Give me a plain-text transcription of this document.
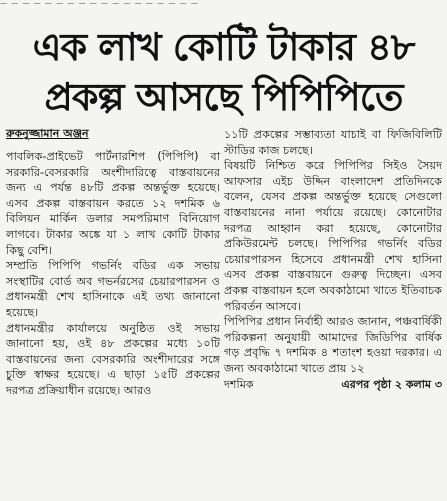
— — — — — — — — — — — — — — — — — —
এক লাখ কোটি টাকার ৪৮
প্রকল্প আসছে পিপিপিতে
রুকনুজ্জামান অঞ্জন

পাবলিক-প্রাইভেট পার্টনারশিপ (পিপিপি) বা সরকারি-বেসরকারি অংশীদারিত্বে বাস্তবায়নের জন্য এ পর্যন্ত ৪৮টি প্রকল্প অন্তর্ভুক্ত হয়েছে। এসব প্রকল্প বাস্তবায়ন করতে ১২ দশমিক ৬ বিলিয়ন মার্কিন ডলার সমপরিমাণ বিনিয়োগ লাগবে। টাকার অঙ্কে যা ১ লাখ কোটি টাকার কিছু বেশি।

সম্প্রতি পিপিপি গভর্নিং বডির এক সভায় সংস্থাটির বোর্ড অব গভর্নরসের চেয়ারপারসন ও প্রধানমন্ত্রী শেখ হাসিনাকে এই তথ্য জানানো হয়েছে।

প্রধানমন্ত্রীর কার্যালয়ে অনুষ্ঠিত ওই সভায় জানানো হয়, ওই ৪৮ প্রকল্পের মধ্যে ১০টি বাস্তবায়নের জন্য বেসরকারি অংশীদারের সঙ্গে চুক্তি স্বাক্ষর হয়েছে। এ ছাড়া ১৫টি প্রকল্পের দরপত্র প্রক্রিয়াধীন রয়েছে। আরও

১১টি প্রকল্পের সম্ভাব্যতা যাচাই বা ফিজিবিলিটি স্টাডির কাজ চলছে।

বিষয়টি নিশ্চিত করে পিপিপির সিইও সৈয়দ আফসার এইচ উদ্দিন বাংলাদেশ প্রতিদিনকে বলেন, যেসব প্রকল্প অন্তর্ভুক্ত হয়েছে সেগুলো বাস্তবায়নের নানা পর্যায়ে রয়েছে। কোনোটার দরপত্র আহ্বান করা হয়েছে, কোনোটার প্রকিউরমেন্ট চলছে। পিপিপির গভর্নিং বডির চেয়ারপারসন হিসেবে প্রধানমন্ত্রী শেখ হাসিনা এসব প্রকল্প বাস্তবায়নে গুরুত্ব দিচ্ছেন। এসব প্রকল্প বাস্তবায়ন হলে অবকাঠামো খাতে ইতিবাচক পরিবর্তন আসবে।

পিপিপির প্রধান নির্বাহী আরও জানান, পঞ্চবার্ষিকী পরিকল্পনা অনুযায়ী আমাদের জিডিপির বার্ষিক গড় প্রবৃদ্ধি ৭ দশমিক ৪ শতাংশ হওয়া দরকার। এ জন্য অবকাঠামো খাতে প্রায় ১২

দশমিক	এরপর পৃষ্ঠা ২ কলাম ৩
